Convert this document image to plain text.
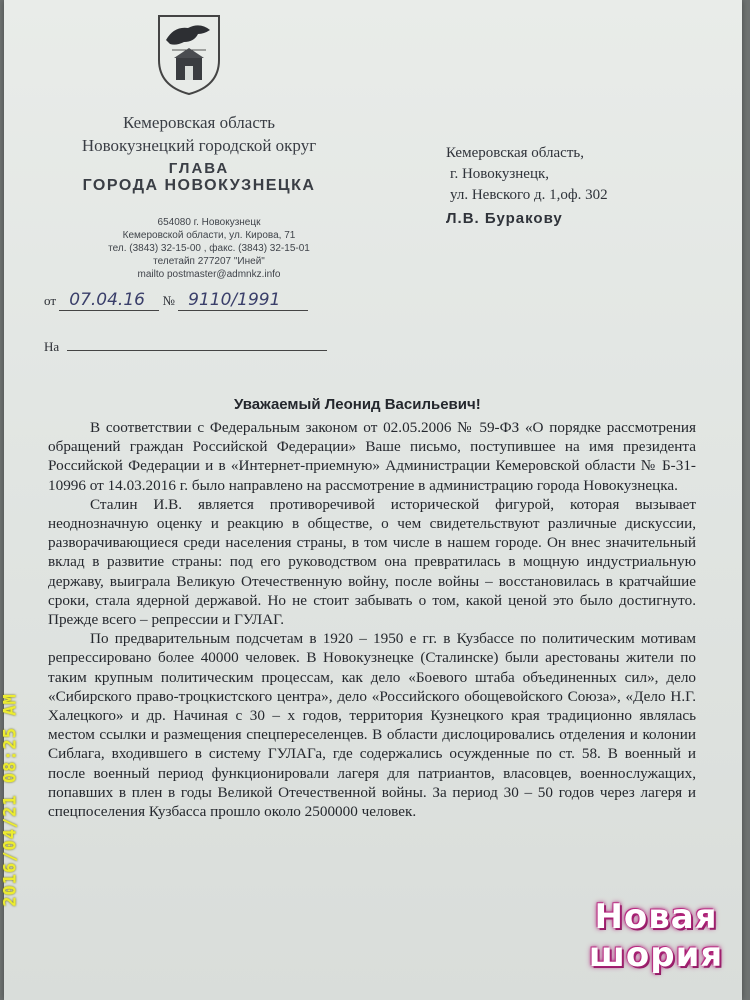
Кемеровская область
Новокузнецкий городской округ
ГЛАВА
ГОРОДА НОВОКУЗНЕЦКА
654080 г. Новокузнецк
Кемеровской области, ул. Кирова, 71
тел. (3843) 32-15-00 , факс. (3843) 32-15-01
телетайп 277207 "Иней"
mailto postmaster@admnkz.info
Кемеровская область,
г. Новокузнецк,
ул. Невского д. 1,оф. 302
Л.В. Буракову
от 07.04.16 № 9110/1991
На
Уважаемый Леонид Васильевич!

В соответствии с Федеральным законом от 02.05.2006 № 59-ФЗ «О порядке рассмотрения обращений граждан Российской Федерации» Ваше письмо, поступившее на имя президента Российской Федерации и в «Интернет-приемную» Администрации Кемеровской области № Б-31-10996 от 14.03.2016 г. было направлено на рассмотрение в администрацию города Новокузнецка.

Сталин И.В. является противоречивой исторической фигурой, которая вызывает неоднозначную оценку и реакцию в обществе, о чем свидетельствуют различные дискуссии, разворачивающиеся среди населения страны, в том числе в нашем городе. Он внес значительный вклад в развитие страны: под его руководством она превратилась в мощную индустриальную державу, выиграла Великую Отечественную войну, после войны – восстановилась в кратчайшие сроки, стала ядерной державой. Но не стоит забывать о том, какой ценой это было достигнуто. Прежде всего – репрессии и ГУЛАГ.

По предварительным подсчетам в 1920 – 1950 е гг. в Кузбассе по политическим мотивам репрессировано более 40000 человек. В Новокузнецке (Сталинске) были арестованы жители по таким крупным политическим процессам, как дело «Боевого штаба объединенных сил», дело «Сибирского право-троцкистского центра», дело «Российского обощевойского Союза», «Дело Н.Г. Халецкого» и др. Начиная с 30 – х годов, территория Кузнецкого края традиционно являлась местом ссылки и размещения спецпереселенцев. В области дислоцировались отделения и колонии Сиблага, входившего в систему ГУЛАГа, где содержались осужденные по ст. 58. В военный и после военный период функционировали лагеря для патриантов, власовцев, военнослужащих, попавших в плен в годы Великой Отечественной войны. За период 30 – 50 годов через лагеря и спецпоселения Кузбасса прошло около 2500000 человек.

2016/04/21 08:25 AM
Новая
шория
